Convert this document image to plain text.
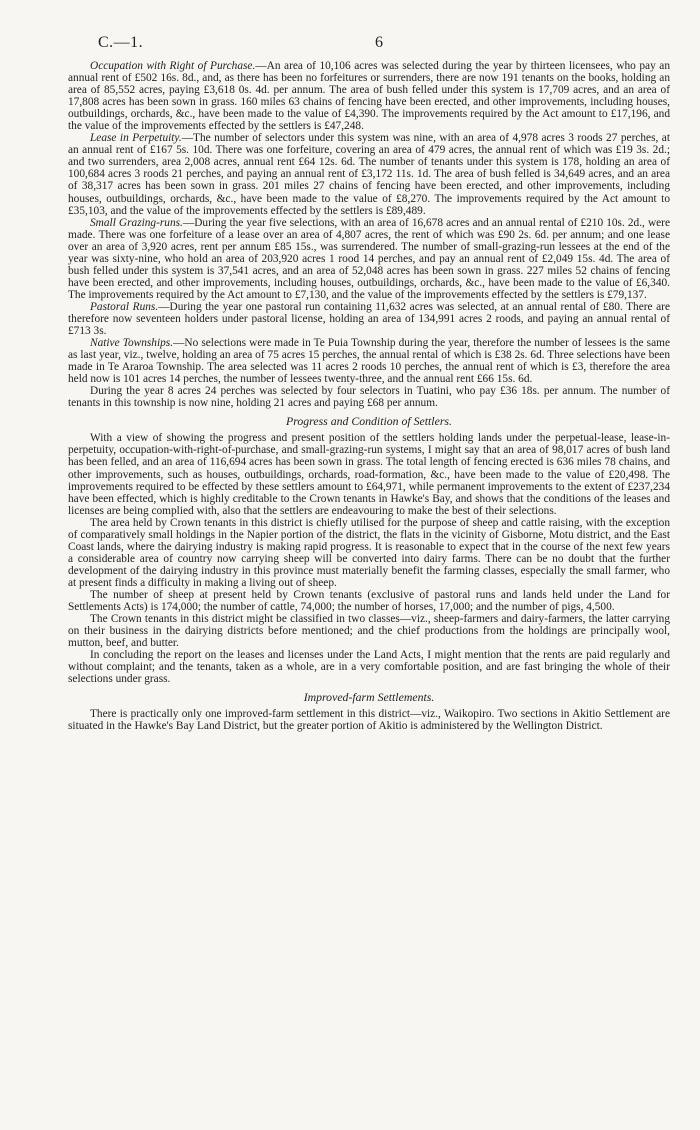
C.—1.	6

Occupation with Right of Purchase.—An area of 10,106 acres was selected during the year by thirteen licensees, who pay an annual rent of £502 16s. 8d., and, as there has been no forfeitures or surrenders, there are now 191 tenants on the books, holding an area of 85,552 acres, paying £3,618 0s. 4d. per annum. The area of bush felled under this system is 17,709 acres, and an area of 17,808 acres has been sown in grass. 160 miles 63 chains of fencing have been erected, and other improvements, including houses, outbuildings, orchards, &c., have been made to the value of £4,390. The improvements required by the Act amount to £17,196, and the value of the improvements effected by the settlers is £47,248.

Lease in Perpetuity.—The number of selectors under this system was nine, with an area of 4,978 acres 3 roods 27 perches, at an annual rent of £167 5s. 10d. There was one forfeiture, covering an area of 479 acres, the annual rent of which was £19 3s. 2d.; and two surrenders, area 2,008 acres, annual rent £64 12s. 6d. The number of tenants under this system is 178, holding an area of 100,684 acres 3 roods 21 perches, and paying an annual rent of £3,172 11s. 1d. The area of bush felled is 34,649 acres, and an area of 38,317 acres has been sown in grass. 201 miles 27 chains of fencing have been erected, and other improvements, including houses, outbuildings, orchards, &c., have been made to the value of £8,270. The improvements required by the Act amount to £35,103, and the value of the improvements effected by the settlers is £89,489.

Small Grazing-runs.—During the year five selections, with an area of 16,678 acres and an annual rental of £210 10s. 2d., were made. There was one forfeiture of a lease over an area of 4,807 acres, the rent of which was £90 2s. 6d. per annum; and one lease over an area of 3,920 acres, rent per annum £85 15s., was surrendered. The number of small-grazing-run lessees at the end of the year was sixty-nine, who hold an area of 203,920 acres 1 rood 14 perches, and pay an annual rent of £2,049 15s. 4d. The area of bush felled under this system is 37,541 acres, and an area of 52,048 acres has been sown in grass. 227 miles 52 chains of fencing have been erected, and other improvements, including houses, outbuildings, orchards, &c., have been made to the value of £6,340. The improvements required by the Act amount to £7,130, and the value of the improvements effected by the settlers is £79,137.

Pastoral Runs.—During the year one pastoral run containing 11,632 acres was selected, at an annual rental of £80. There are therefore now seventeen holders under pastoral license, holding an area of 134,991 acres 2 roods, and paying an annual rental of £713 3s.

Native Townships.—No selections were made in Te Puia Township during the year, therefore the number of lessees is the same as last year, viz., twelve, holding an area of 75 acres 15 perches, the annual rental of which is £38 2s. 6d. Three selections have been made in Te Araroa Township. The area selected was 11 acres 2 roods 10 perches, the annual rent of which is £3, therefore the area held now is 101 acres 14 perches, the number of lessees twenty-three, and the annual rent £66 15s. 6d.

During the year 8 acres 24 perches was selected by four selectors in Tuatini, who pay £36 18s. per annum. The number of tenants in this township is now nine, holding 21 acres and paying £68 per annum.

Progress and Condition of Settlers.

With a view of showing the progress and present position of the settlers holding lands under the perpetual-lease, lease-in-perpetuity, occupation-with-right-of-purchase, and small-grazing-run systems, I might say that an area of 98,017 acres of bush land has been felled, and an area of 116,694 acres has been sown in grass. The total length of fencing erected is 636 miles 78 chains, and other improvements, such as houses, outbuildings, orchards, road-formation, &c., have been made to the value of £20,498. The improvements required to be effected by these settlers amount to £64,971, while permanent improvements to the extent of £237,234 have been effected, which is highly creditable to the Crown tenants in Hawke's Bay, and shows that the conditions of the leases and licenses are being complied with, also that the settlers are endeavouring to make the best of their selections.

The area held by Crown tenants in this district is chiefly utilised for the purpose of sheep and cattle raising, with the exception of comparatively small holdings in the Napier portion of the district, the flats in the vicinity of Gisborne, Motu district, and the East Coast lands, where the dairying industry is making rapid progress. It is reasonable to expect that in the course of the next few years a considerable area of country now carrying sheep will be converted into dairy farms. There can be no doubt that the further development of the dairying industry in this province must materially benefit the farming classes, especially the small farmer, who at present finds a difficulty in making a living out of sheep.

The number of sheep at present held by Crown tenants (exclusive of pastoral runs and lands held under the Land for Settlements Acts) is 174,000; the number of cattle, 74,000; the number of horses, 17,000; and the number of pigs, 4,500.

The Crown tenants in this district might be classified in two classes—viz., sheep-farmers and dairy-farmers, the latter carrying on their business in the dairying districts before mentioned; and the chief productions from the holdings are principally wool, mutton, beef, and butter.

In concluding the report on the leases and licenses under the Land Acts, I might mention that the rents are paid regularly and without complaint; and the tenants, taken as a whole, are in a very comfortable position, and are fast bringing the whole of their selections under grass.

Improved-farm Settlements.

There is practically only one improved-farm settlement in this district—viz., Waikopiro. Two sections in Akitio Settlement are situated in the Hawke's Bay Land District, but the greater portion of Akitio is administered by the Wellington District.
